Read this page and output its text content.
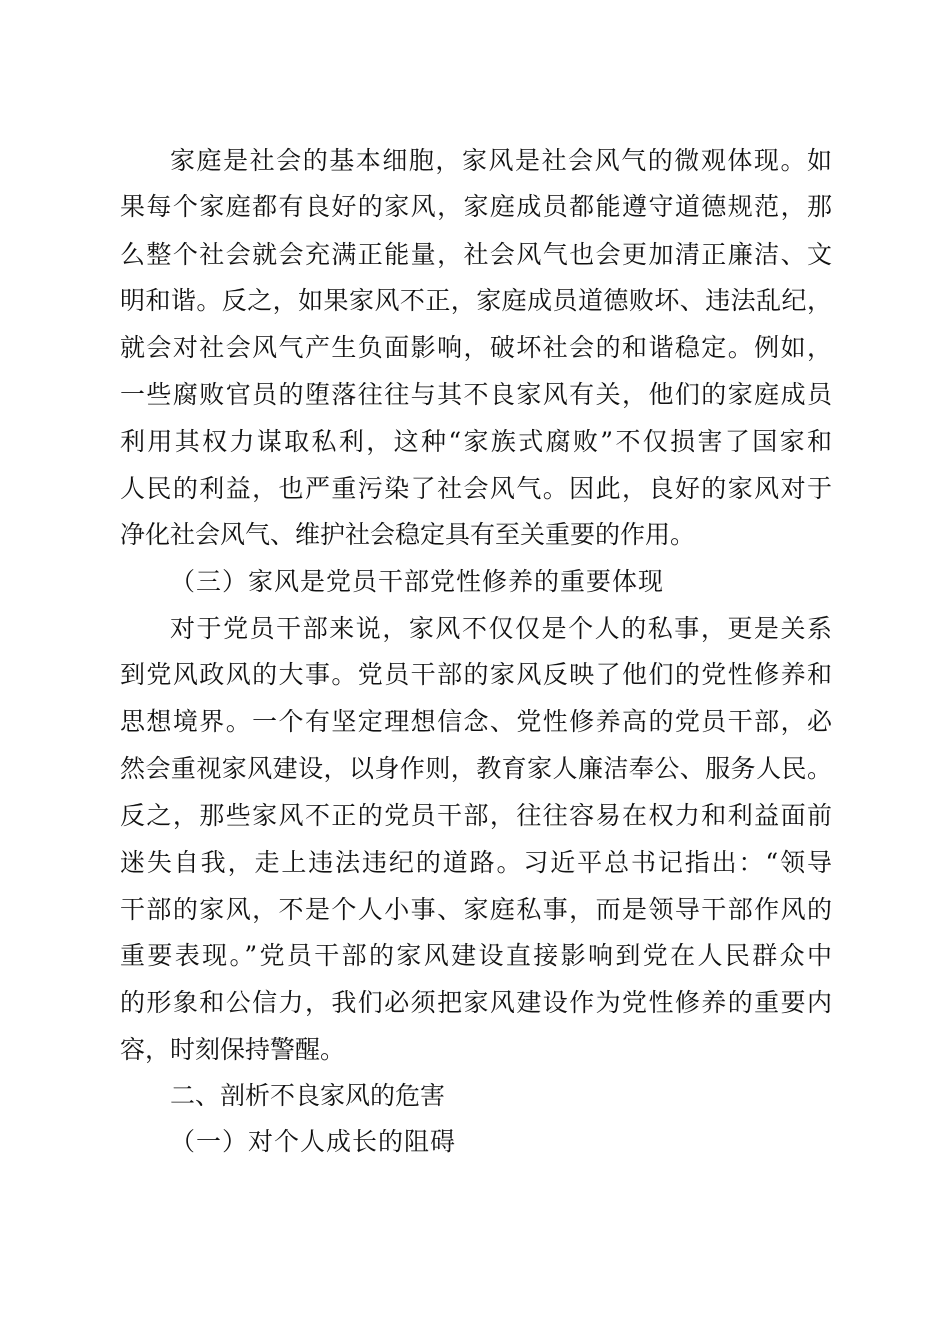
家庭是社会的基本细胞，家风是社会风气的微观体现。如
果每个家庭都有良好的家风，家庭成员都能遵守道德规范，那
么整个社会就会充满正能量，社会风气也会更加清正廉洁、文
明和谐。反之，如果家风不正，家庭成员道德败坏、违法乱纪，
就会对社会风气产生负面影响，破坏社会的和谐稳定。例如，
一些腐败官员的堕落往往与其不良家风有关，他们的家庭成员
利用其权力谋取私利，这种“家族式腐败”不仅损害了国家和
人民的利益，也严重污染了社会风气。因此，良好的家风对于
净化社会风气、维护社会稳定具有至关重要的作用。
（三）家风是党员干部党性修养的重要体现
对于党员干部来说，家风不仅仅是个人的私事，更是关系
到党风政风的大事。党员干部的家风反映了他们的党性修养和
思想境界。一个有坚定理想信念、党性修养高的党员干部，必
然会重视家风建设，以身作则，教育家人廉洁奉公、服务人民。
反之，那些家风不正的党员干部，往往容易在权力和利益面前
迷失自我，走上违法违纪的道路。习近平总书记指出：“领导
干部的家风，不是个人小事、家庭私事，而是领导干部作风的
重要表现。”党员干部的家风建设直接影响到党在人民群众中
的形象和公信力，我们必须把家风建设作为党性修养的重要内
容，时刻保持警醒。
二、剖析不良家风的危害
（一）对个人成长的阻碍
